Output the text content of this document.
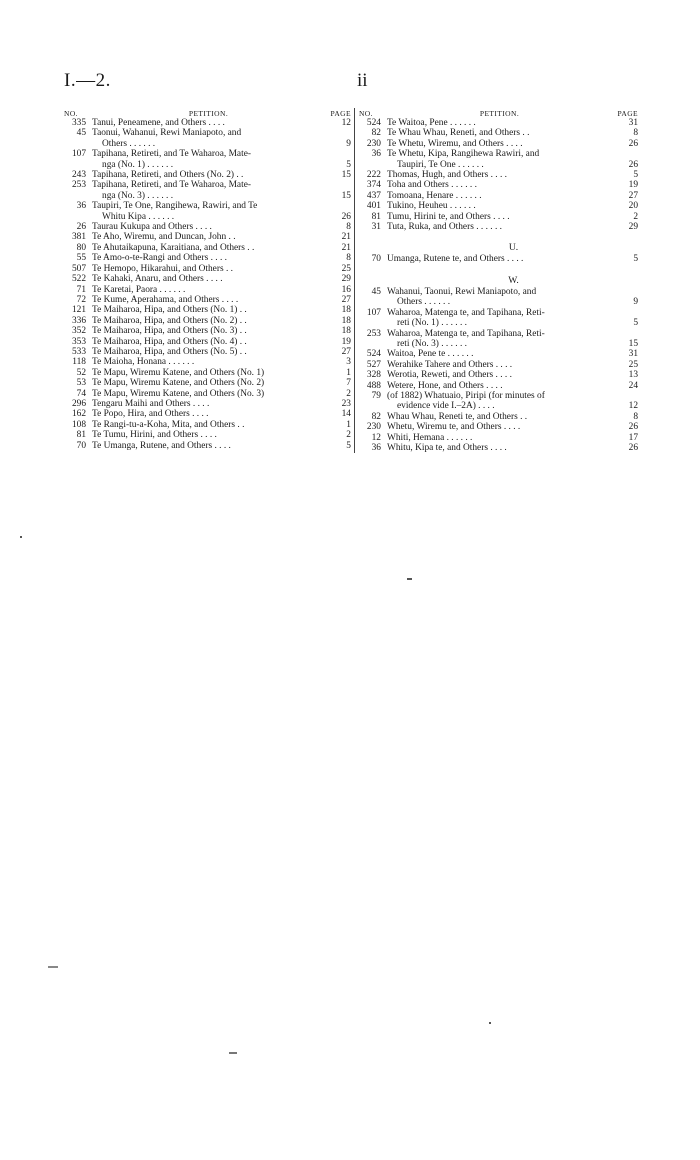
I.—2.	ii
NO.	PETITION.	PAGE
335 Tanui, Peneamene, and Others . . . .	12
45 Taonui, Wahanui, Rewi Maniapoto, and
Others . . . . . .	9
107 Tapihana, Retireti, and Te Waharoa, Mate-
nga (No. 1) . . . . . .	5
243 Tapihana, Retireti, and Others (No. 2) . .	15
253 Tapihana, Retireti, and Te Waharoa, Mate-
nga (No. 3) . . . . . .	15
36 Taupiri, Te One, Rangihewa, Rawiri, and Te
Whitu Kipa . . . . . .	26
26 Taurau Kukupa and Others . . . .	8
381 Te Aho, Wiremu, and Duncan, John . .	21
80 Te Ahutaikapuna, Karaitiana, and Others . .	21
55 Te Amo-o-te-Rangi and Others . . . .	8
507 Te Hemopo, Hikarahui, and Others . .	25
522 Te Kahaki, Anaru, and Others . . . .	29
71 Te Karetai, Paora . . . . . .	16
72 Te Kume, Aperahama, and Others . . . .	27
121 Te Maiharoa, Hipa, and Others (No. 1) . .	18
336 Te Maiharoa, Hipa, and Others (No. 2) . .	18
352 Te Maiharoa, Hipa, and Others (No. 3) . .	18
353 Te Maiharoa, Hipa, and Others (No. 4) . .	19
533 Te Maiharoa, Hipa, and Others (No. 5) . .	27
118 Te Maioha, Honana . . . . . .	3
52 Te Mapu, Wiremu Katene, and Others (No. 1)	1
53 Te Mapu, Wiremu Katene, and Others (No. 2)	7
74 Te Mapu, Wiremu Katene, and Others (No. 3)	2
296 Tengaru Maihi and Others . . . .	23
162 Te Popo, Hira, and Others . . . .	14
108 Te Rangi-tu-a-Koha, Mita, and Others . .	1
81 Te Tumu, Hirini, and Others . . . .	2
70 Te Umanga, Rutene, and Others . . . .	5
NO.	PETITION.	PAGE
524 Te Waitoa, Pene . . . . . .	31
82 Te Whau Whau, Reneti, and Others . .	8
230 Te Whetu, Wiremu, and Others . . . .	26
36 Te Whetu, Kipa, Rangihewa Rawiri, and
Taupiri, Te One . . . . . .	26
222 Thomas, Hugh, and Others . . . .	5
374 Toha and Others . . . . . .	19
437 Tomoana, Henare . . . . . .	27
401 Tukino, Heuheu . . . . . .	20
81 Tumu, Hirini te, and Others . . . .	2
31 Tuta, Ruka, and Others . . . . . .	29
U.
70 Umanga, Rutene te, and Others . . . .	5
W.
45 Wahanui, Taonui, Rewi Maniapoto, and
Others . . . . . .	9
107 Waharoa, Matenga te, and Tapihana, Reti-
reti (No. 1) . . . . . .	5
253 Waharoa, Matenga te, and Tapihana, Reti-
reti (No. 3) . . . . . .	15
524 Waitoa, Pene te . . . . . .	31
527 Werahike Tahere and Others . . . .	25
328 Werotia, Reweti, and Others . . . .	13
488 Wetere, Hone, and Others . . . .	24
79 (of 1882) Whatuaio, Piripi (for minutes of
evidence vide I.–2A) . . . .	12
82 Whau Whau, Reneti te, and Others . .	8
230 Whetu, Wiremu te, and Others . . . .	26
12 Whiti, Hemana . . . . . .	17
36 Whitu, Kipa te, and Others . . . .	26
